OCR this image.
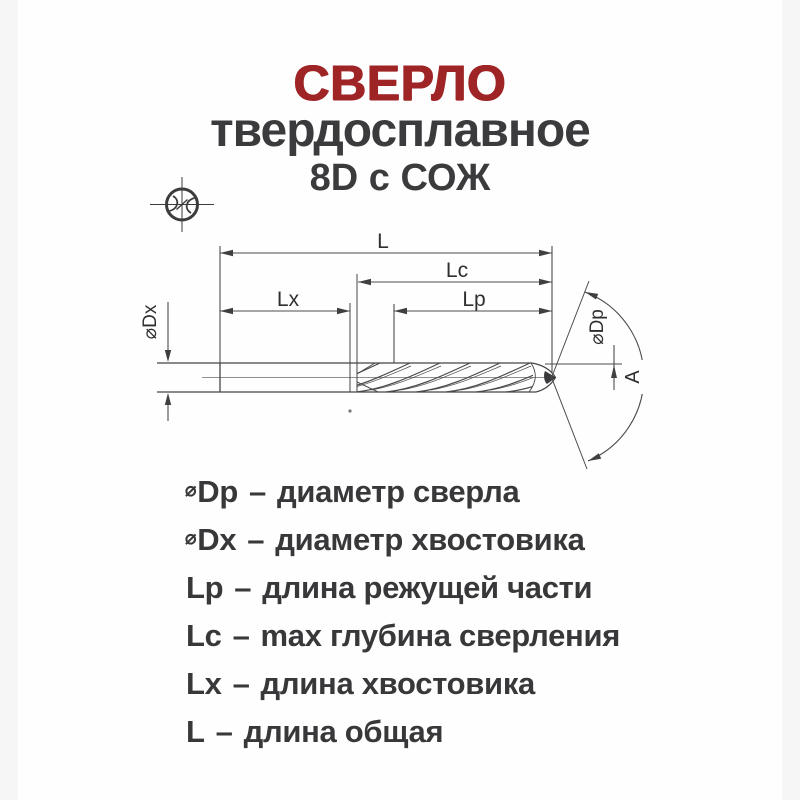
СВЕРЛО
твердосплавное
8D с СОЖ
L
Lc
Lx	Lp
⌀Dx	⌀Dp
A
⌀Dp – диаметр сверла
⌀Dx – диаметр хвостовика
Lp – длина режущей части
Lc – max глубина сверления
Lx – длина хвостовика
L – длина общая
